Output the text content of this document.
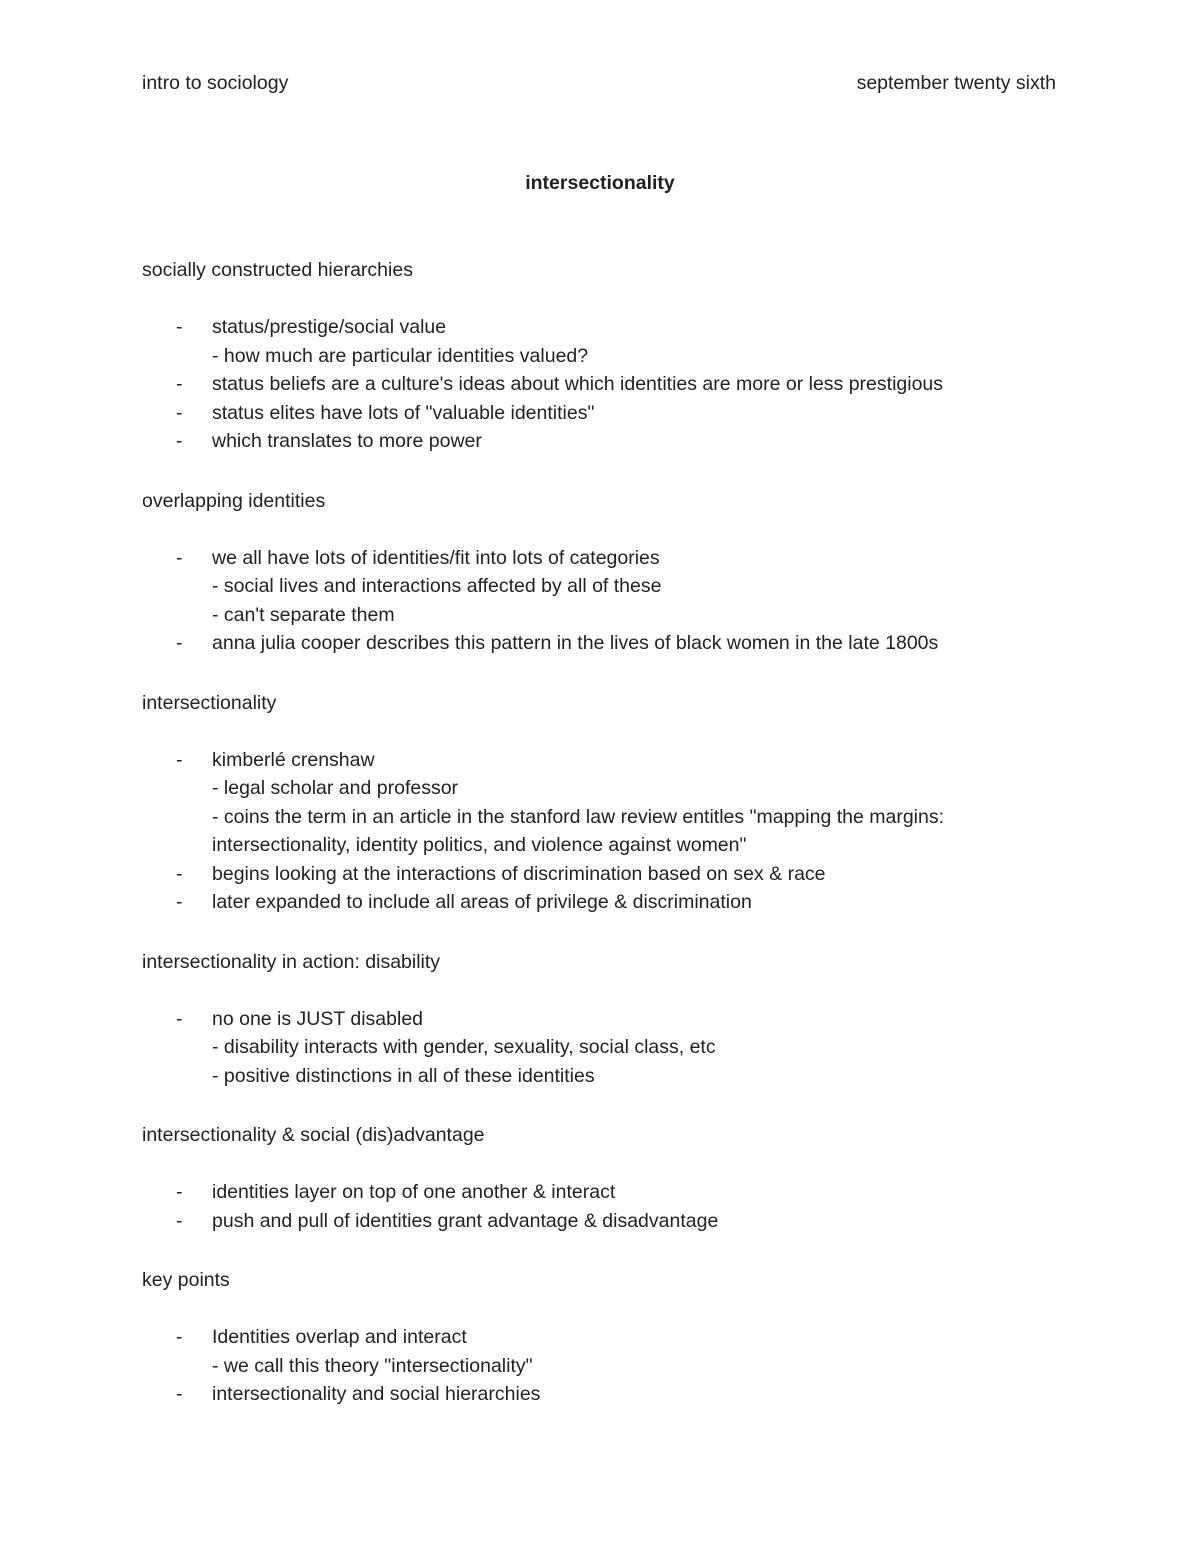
intro to sociology	september twenty sixth
intersectionality
socially constructed hierarchies
- status/prestige/social value
- how much are particular identities valued?
- status beliefs are a culture's ideas about which identities are more or less prestigious
- status elites have lots of "valuable identities"
- which translates to more power
overlapping identities
- we all have lots of identities/fit into lots of categories
- social lives and interactions affected by all of these
- can't separate them
- anna julia cooper describes this pattern in the lives of black women in the late 1800s
intersectionality
- kimberlé crenshaw
- legal scholar and professor
- coins the term in an article in the stanford law review entitles "mapping the margins:
intersectionality, identity politics, and violence against women"
- begins looking at the interactions of discrimination based on sex & race
- later expanded to include all areas of privilege & discrimination
intersectionality in action: disability
- no one is JUST disabled
- disability interacts with gender, sexuality, social class, etc
- positive distinctions in all of these identities
intersectionality & social (dis)advantage
- identities layer on top of one another & interact
- push and pull of identities grant advantage & disadvantage
key points
- Identities overlap and interact
- we call this theory "intersectionality"
- intersectionality and social hierarchies
